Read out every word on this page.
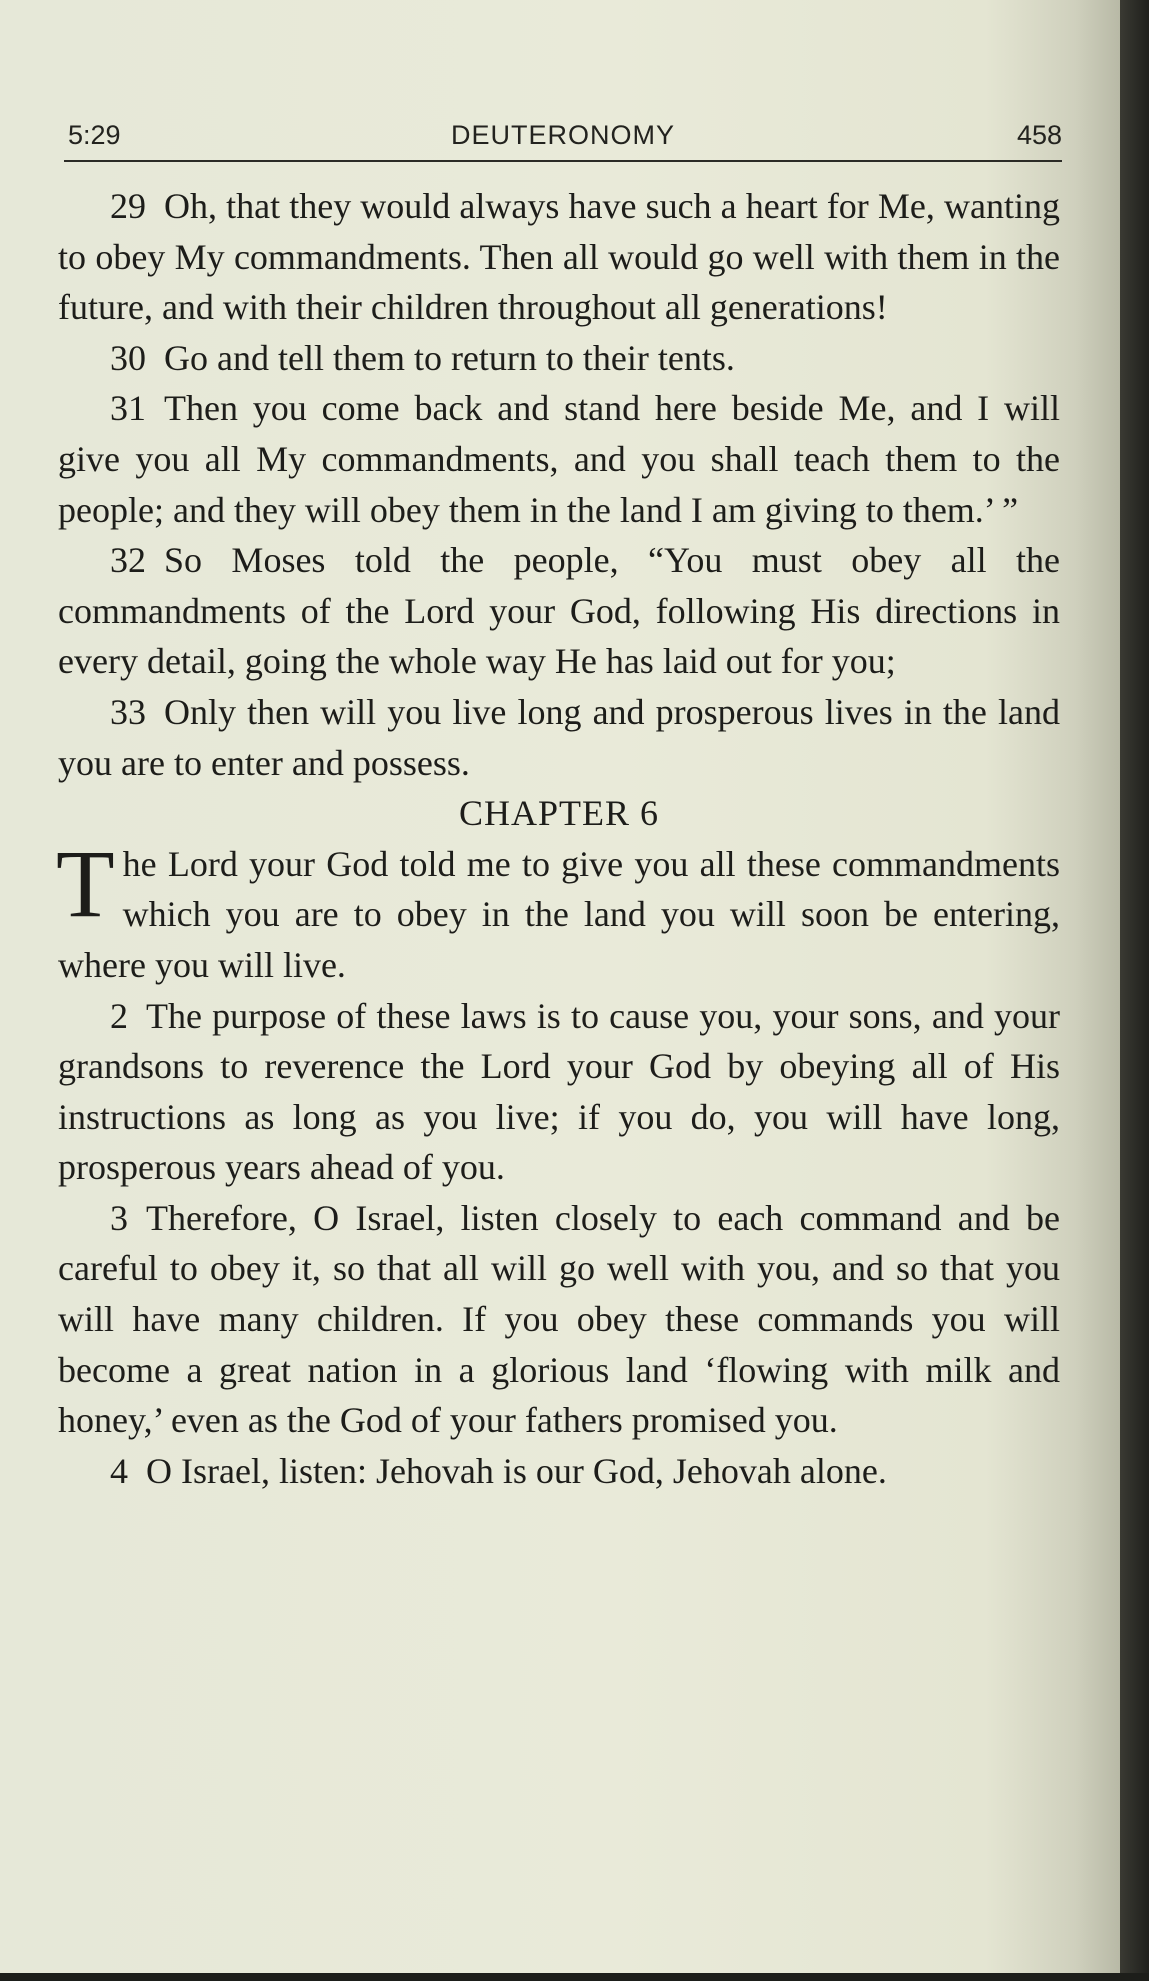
5:29	DEUTERONOMY	458

29 Oh, that they would always have such a heart for Me, wanting to obey My commandments. Then all would go well with them in the future, and with their children throughout all generations!

30 Go and tell them to return to their tents.

31 Then you come back and stand here beside Me, and I will give you all My commandments, and you shall teach them to the people; and they will obey them in the land I am giving to them.’ ”

32 So Moses told the people, “You must obey all the commandments of the Lord your God, following His directions in every detail, going the whole way He has laid out for you;

33 Only then will you live long and prosperous lives in the land you are to enter and possess.

CHAPTER 6

The Lord your God told me to give you all these commandments which you are to obey in the land you will soon be entering, where you will live.

2 The purpose of these laws is to cause you, your sons, and your grandsons to reverence the Lord your God by obeying all of His instructions as long as you live; if you do, you will have long, prosperous years ahead of you.

3 Therefore, O Israel, listen closely to each command and be careful to obey it, so that all will go well with you, and so that you will have many children. If you obey these commands you will become a great nation in a glorious land ‘flowing with milk and honey,’ even as the God of your fathers promised you.

4 O Israel, listen: Jehovah is our God, Jehovah alone.
